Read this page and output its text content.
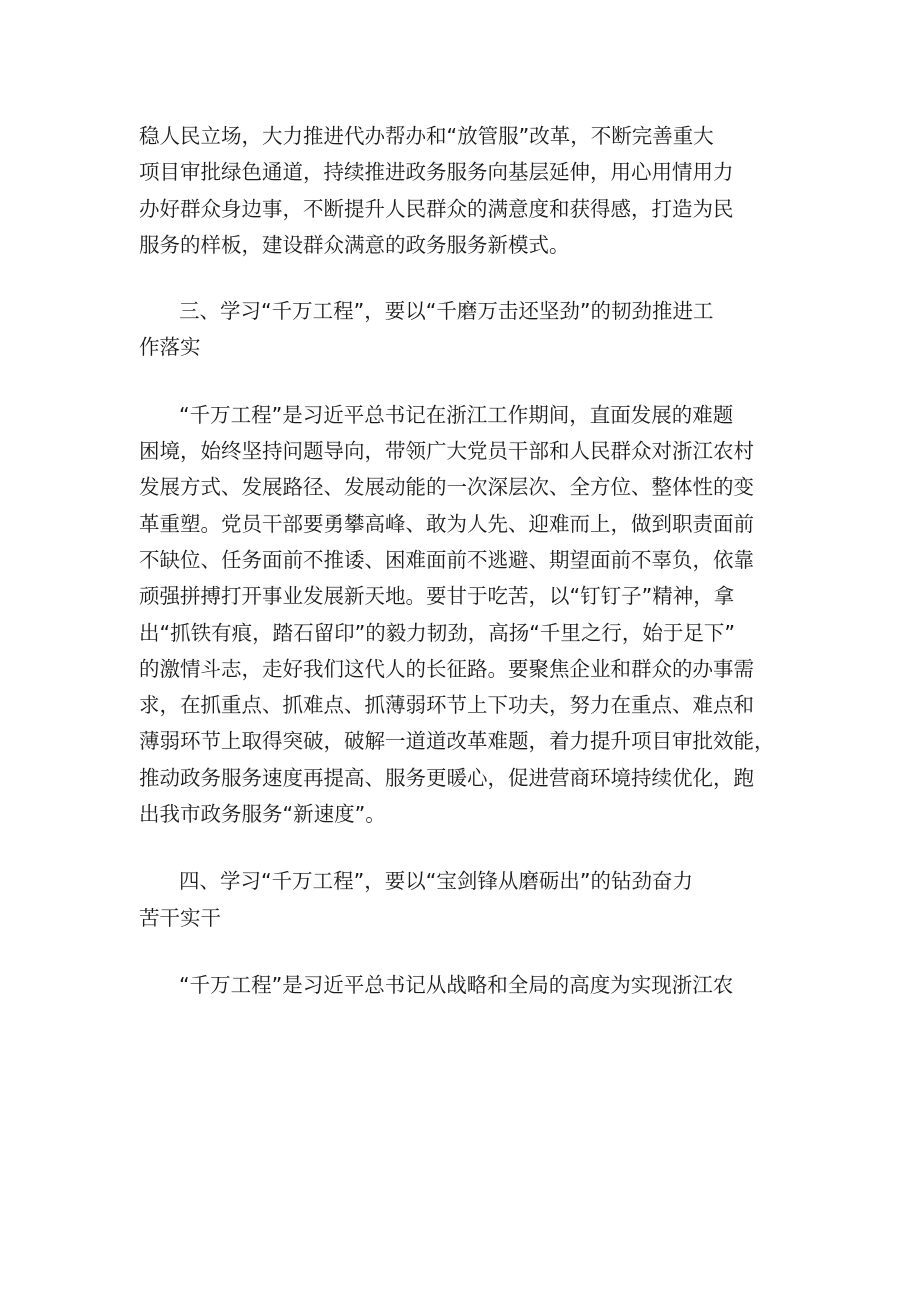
稳人民立场，大力推进代办帮办和“放管服”改革，不断完善重大
项目审批绿色通道，持续推进政务服务向基层延伸，用心用情用力
办好群众身边事，不断提升人民群众的满意度和获得感，打造为民
服务的样板，建设群众满意的政务服务新模式。
三、学习“千万工程”，要以“千磨万击还坚劲”的韧劲推进工
作落实
“千万工程”是习近平总书记在浙江工作期间，直面发展的难题
困境，始终坚持问题导向，带领广大党员干部和人民群众对浙江农村
发展方式、发展路径、发展动能的一次深层次、全方位、整体性的变
革重塑。党员干部要勇攀高峰、敢为人先、迎难而上，做到职责面前
不缺位、任务面前不推诿、困难面前不逃避、期望面前不辜负，依靠
顽强拼搏打开事业发展新天地。要甘于吃苦，以“钉钉子”精神，拿
出“抓铁有痕，踏石留印”的毅力韧劲，高扬“千里之行，始于足下”
的激情斗志，走好我们这代人的长征路。要聚焦企业和群众的办事需
求，在抓重点、抓难点、抓薄弱环节上下功夫，努力在重点、难点和
薄弱环节上取得突破，破解一道道改革难题，着力提升项目审批效能，
推动政务服务速度再提高、服务更暖心，促进营商环境持续优化，跑
出我市政务服务“新速度”。
四、学习“千万工程”，要以“宝剑锋从磨砺出”的钻劲奋力
苦干实干
“千万工程”是习近平总书记从战略和全局的高度为实现浙江农
